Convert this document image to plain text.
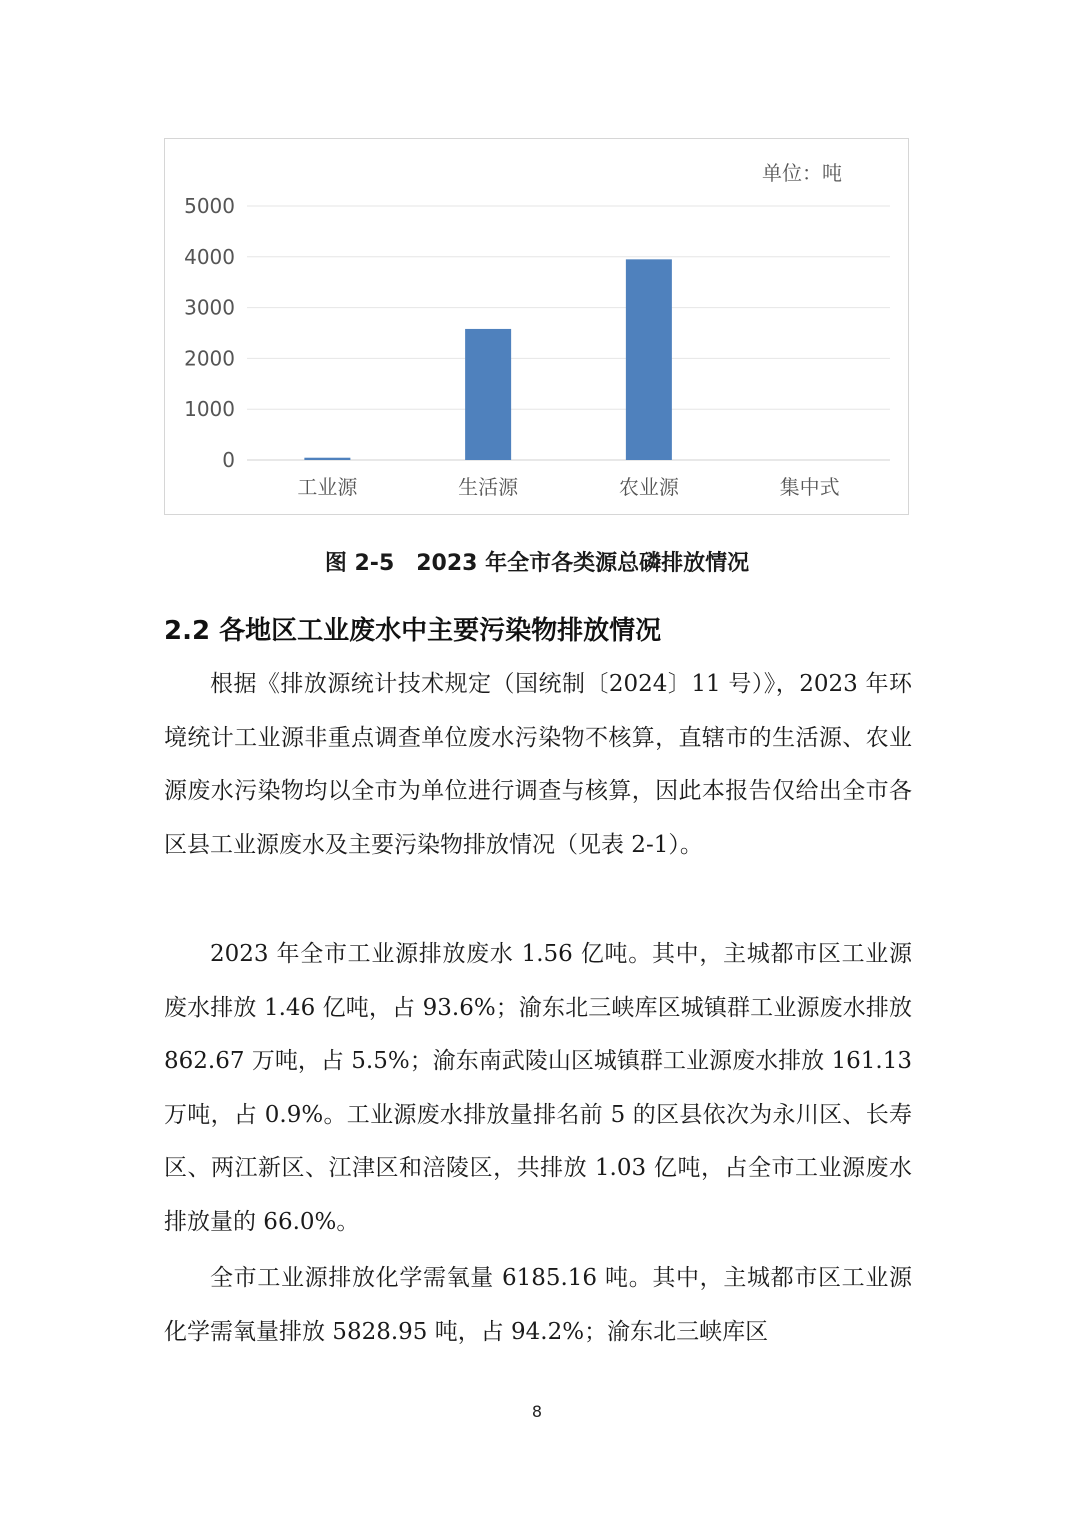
0
1000
2000
3000
4000
5000
工业源	生活源	农业源	集中式
单位：吨
图 2-5　2023 年全市各类源总磷排放情况
2.2 各地区工业废水中主要污染物排放情况

根据《排放源统计技术规定（国统制〔2024〕11 号）》，2023 年环境统计工业源非重点调查单位废水污染物不核算，直辖市的生活源、农业源废水污染物均以全市为单位进行调查与核算，因此本报告仅给出全市各区县工业源废水及主要污染物排放情况（见表 2-1）。

2023 年全市工业源排放废水 1.56 亿吨。其中，主城都市区工业源废水排放 1.46 亿吨，占 93.6%；渝东北三峡库区城镇群工业源废水排放 862.67 万吨，占 5.5%；渝东南武陵山区城镇群工业源废水排放 161.13 万吨，占 0.9%。工业源废水排放量排名前 5 的区县依次为永川区、长寿区、两江新区、江津区和涪陵区，共排放 1.03 亿吨，占全市工业源废水排放量的 66.0%。

全市工业源排放化学需氧量 6185.16 吨。其中，主城都市区工业源化学需氧量排放 5828.95 吨，占 94.2%；渝东北三峡库区

8
